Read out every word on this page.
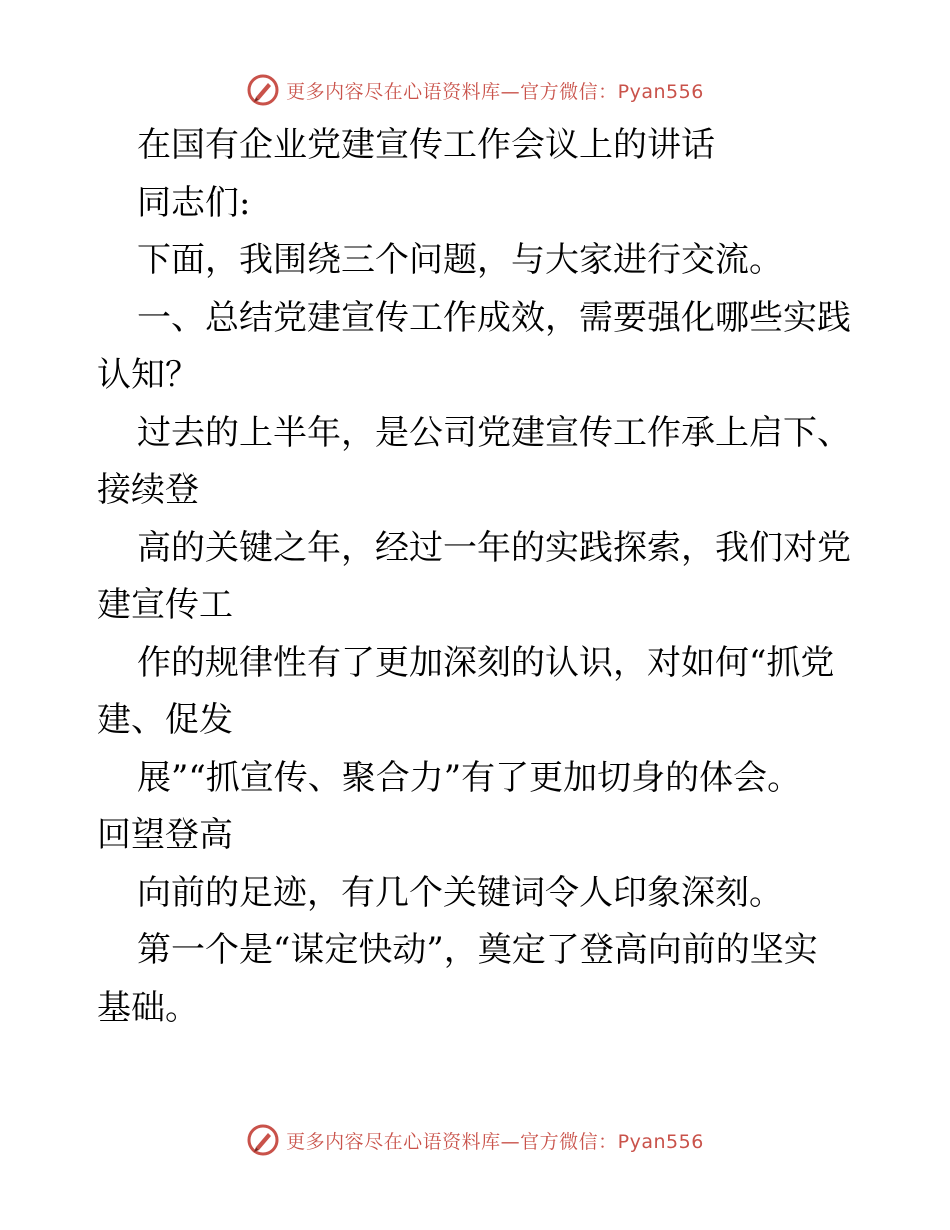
更多内容尽在心语资料库—官方微信：Pyan556

在国有企业党建宣传工作会议上的讲话

同志们:

下面，我围绕三个问题，与大家进行交流。

一、总结党建宣传工作成效，需要强化哪些实践
认知？

过去的上半年，是公司党建宣传工作承上启下、
接续登

高的关键之年，经过一年的实践探索，我们对党
建宣传工

作的规律性有了更加深刻的认识，对如何“抓党
建、促发

展”“抓宣传、聚合力”有了更加切身的体会。
回望登高

向前的足迹，有几个关键词令人印象深刻。

第一个是“谋定快动”，奠定了登高向前的坚实
基础。

更多内容尽在心语资料库—官方微信：Pyan556
